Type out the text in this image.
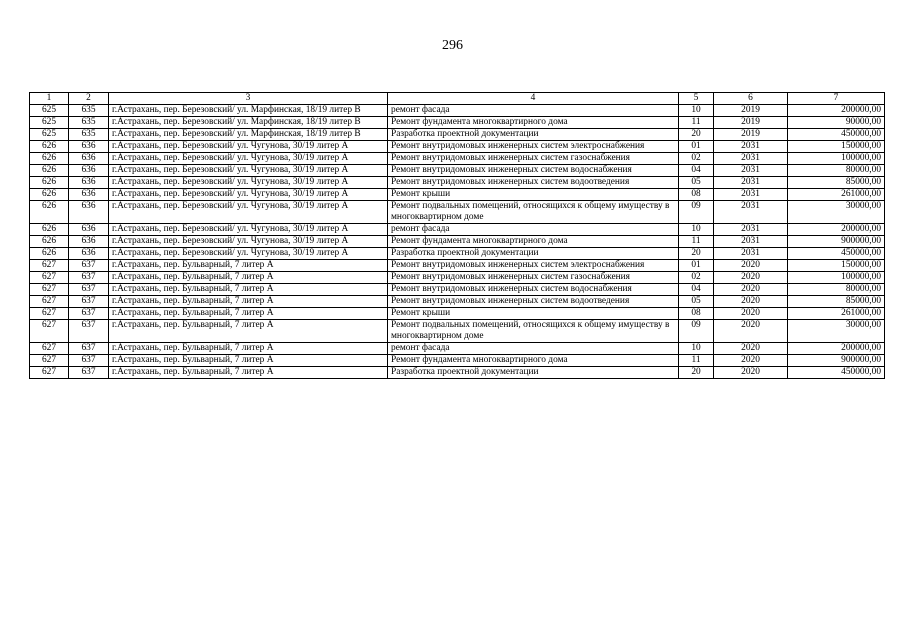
296
1	2	3	4	5	6	7
625	635	г.Астрахань, пер. Березовский/ ул. Марфинская, 18/19 литер В	ремонт фасада	10	2019	200000,00
625	635	г.Астрахань, пер. Березовский/ ул. Марфинская, 18/19 литер В	Ремонт фундамента многоквартирного дома	11	2019	90000,00
625	635	г.Астрахань, пер. Березовский/ ул. Марфинская, 18/19 литер В	Разработка проектной документации	20	2019	450000,00
626	636	г.Астрахань, пер. Березовский/ ул. Чугунова, 30/19 литер А	Ремонт внутридомовых инженерных систем электроснабжения	01	2031	150000,00
626	636	г.Астрахань, пер. Березовский/ ул. Чугунова, 30/19 литер А	Ремонт внутридомовых инженерных систем газоснабжения	02	2031	100000,00
626	636	г.Астрахань, пер. Березовский/ ул. Чугунова, 30/19 литер А	Ремонт внутридомовых инженерных систем водоснабжения	04	2031	80000,00
626	636	г.Астрахань, пер. Березовский/ ул. Чугунова, 30/19 литер А	Ремонт внутридомовых инженерных систем водоотведения	05	2031	85000,00
626	636	г.Астрахань, пер. Березовский/ ул. Чугунова, 30/19 литер А	Ремонт крыши	08	2031	261000,00
626	636	г.Астрахань, пер. Березовский/ ул. Чугунова, 30/19 литер А	Ремонт подвальных помещений, относящихся к общему имуществу в многоквартирном доме	09	2031	30000,00
626	636	г.Астрахань, пер. Березовский/ ул. Чугунова, 30/19 литер А	ремонт фасада	10	2031	200000,00
626	636	г.Астрахань, пер. Березовский/ ул. Чугунова, 30/19 литер А	Ремонт фундамента многоквартирного дома	11	2031	900000,00
626	636	г.Астрахань, пер. Березовский/ ул. Чугунова, 30/19 литер А	Разработка проектной документации	20	2031	450000,00
627	637	г.Астрахань, пер. Бульварный, 7 литер А	Ремонт внутридомовых инженерных систем электроснабжения	01	2020	150000,00
627	637	г.Астрахань, пер. Бульварный, 7 литер А	Ремонт внутридомовых инженерных систем газоснабжения	02	2020	100000,00
627	637	г.Астрахань, пер. Бульварный, 7 литер А	Ремонт внутридомовых инженерных систем водоснабжения	04	2020	80000,00
627	637	г.Астрахань, пер. Бульварный, 7 литер А	Ремонт внутридомовых инженерных систем водоотведения	05	2020	85000,00
627	637	г.Астрахань, пер. Бульварный, 7 литер А	Ремонт крыши	08	2020	261000,00
627	637	г.Астрахань, пер. Бульварный, 7 литер А	Ремонт подвальных помещений, относящихся к общему имуществу в многоквартирном доме	09	2020	30000,00
627	637	г.Астрахань, пер. Бульварный, 7 литер А	ремонт фасада	10	2020	200000,00
627	637	г.Астрахань, пер. Бульварный, 7 литер А	Ремонт фундамента многоквартирного дома	11	2020	900000,00
627	637	г.Астрахань, пер. Бульварный, 7 литер А	Разработка проектной документации	20	2020	450000,00
